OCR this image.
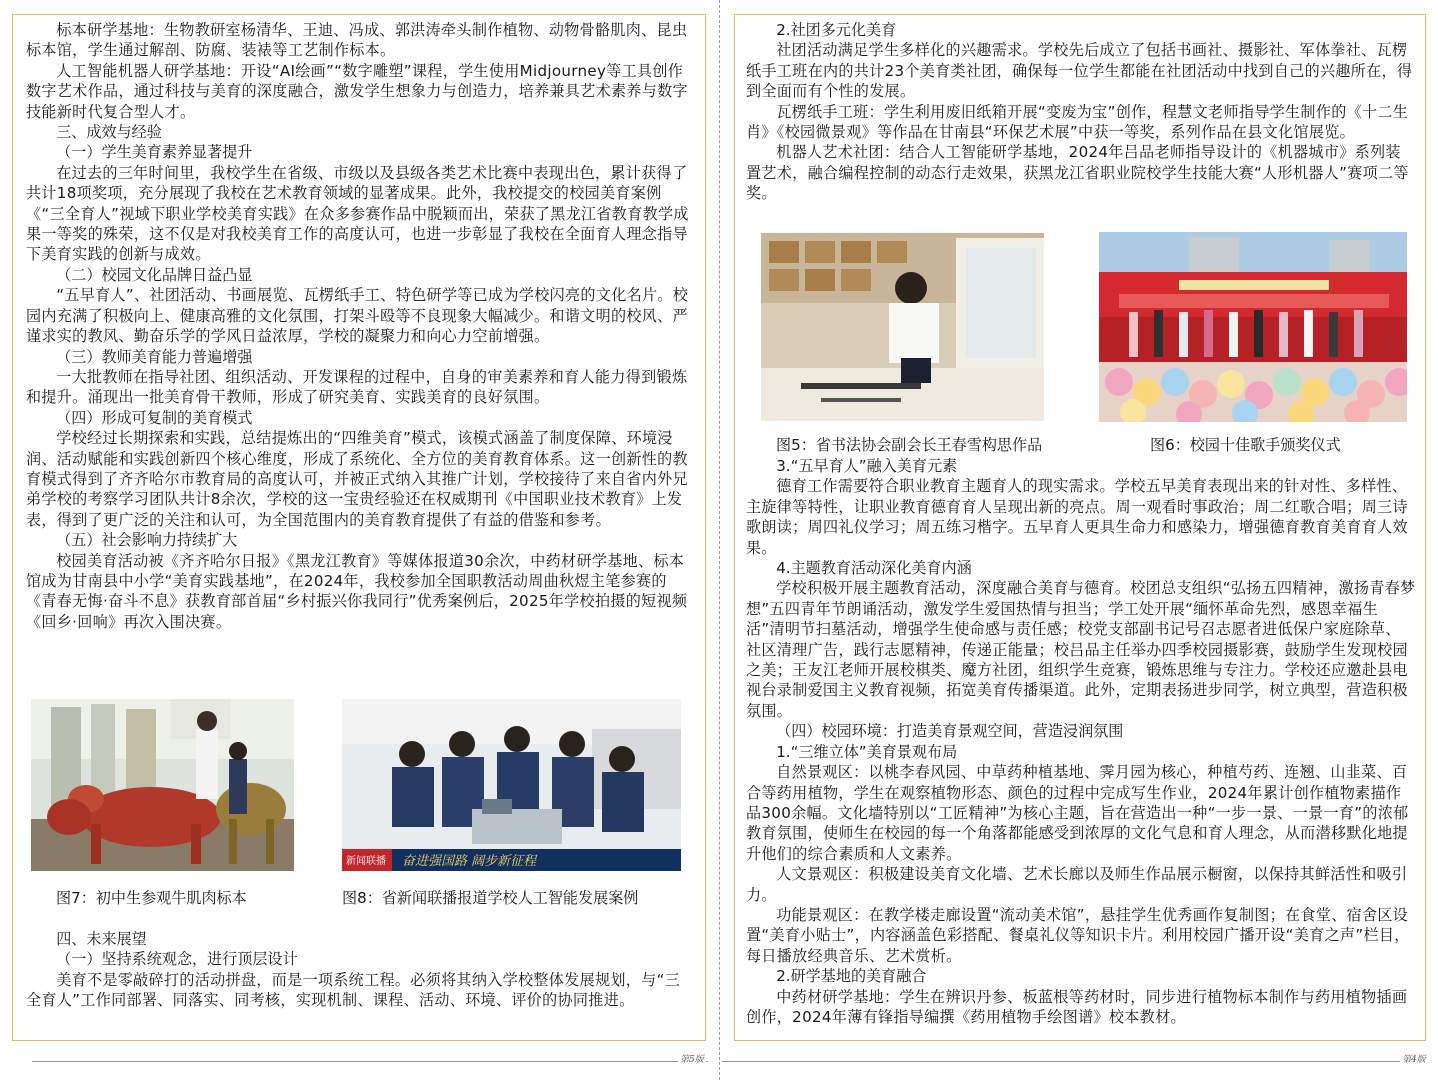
第5版	第4版

标本研学基地：生物教研室杨清华、王迪、冯成、郭洪涛牵头制作植物、动物骨骼肌肉、昆虫标本馆，学生通过解剖、防腐、装裱等工艺制作标本。

人工智能机器人研学基地：开设“AI绘画”“数字雕塑”课程，学生使用Midjourney等工具创作数字艺术作品，通过科技与美育的深度融合，激发学生想象力与创造力，培养兼具艺术素养与数字技能新时代复合型人才。

三、成效与经验

（一）学生美育素养显著提升

在过去的三年时间里，我校学生在省级、市级以及县级各类艺术比赛中表现出色，累计获得了共计18项奖项，充分展现了我校在艺术教育领域的显著成果。此外，我校提交的校园美育案例《“三全育人”视域下职业学校美育实践》在众多参赛作品中脱颖而出，荣获了黑龙江省教育教学成果一等奖的殊荣，这不仅是对我校美育工作的高度认可，也进一步彰显了我校在全面育人理念指导下美育实践的创新与成效。

（二）校园文化品牌日益凸显

“五早育人”、社团活动、书画展览、瓦楞纸手工、特色研学等已成为学校闪亮的文化名片。校园内充满了积极向上、健康高雅的文化氛围，打架斗殴等不良现象大幅减少。和谐文明的校风、严谨求实的教风、勤奋乐学的学风日益浓厚，学校的凝聚力和向心力空前增强。

（三）教师美育能力普遍增强

一大批教师在指导社团、组织活动、开发课程的过程中，自身的审美素养和育人能力得到锻炼和提升。涌现出一批美育骨干教师，形成了研究美育、实践美育的良好氛围。

（四）形成可复制的美育模式

学校经过长期探索和实践，总结提炼出的“四维美育”模式，该模式涵盖了制度保障、环境浸润、活动赋能和实践创新四个核心维度，形成了系统化、全方位的美育教育体系。这一创新性的教育模式得到了齐齐哈尔市教育局的高度认可，并被正式纳入其推广计划，学校接待了来自省内外兄弟学校的考察学习团队共计8余次，学校的这一宝贵经验还在权威期刊《中国职业技术教育》上发表，得到了更广泛的关注和认可，为全国范围内的美育教育提供了有益的借鉴和参考。

（五）社会影响力持续扩大

校园美育活动被《齐齐哈尔日报》《黑龙江教育》等媒体报道30余次，中药材研学基地、标本馆成为甘南县中小学“美育实践基地”，在2024年，我校参加全国职教活动周曲秋煜主笔参赛的《青春无悔·奋斗不息》获教育部首届“乡村振兴你我同行”优秀案例后，2025年学校拍摄的短视频《回乡·回响》再次入围决赛。

图7：初中生参观牛肌肉标本
新闻联播 奋进强国路 阔步新征程
图8：省新闻联播报道学校人工智能发展案例

四、未来展望

（一）坚持系统观念，进行顶层设计

美育不是零敲碎打的活动拼盘，而是一项系统工程。必须将其纳入学校整体发展规划，与“三全育人”工作同部署、同落实、同考核，实现机制、课程、活动、环境、评价的协同推进。

2.社团多元化美育

社团活动满足学生多样化的兴趣需求。学校先后成立了包括书画社、摄影社、军体拳社、瓦楞纸手工班在内的共计23个美育类社团，确保每一位学生都能在社团活动中找到自己的兴趣所在，得到全面而有个性的发展。

瓦楞纸手工班：学生利用废旧纸箱开展“变废为宝”创作，程慧文老师指导学生制作的《十二生肖》《校园微景观》等作品在甘南县“环保艺术展”中获一等奖，系列作品在县文化馆展览。

机器人艺术社团：结合人工智能研学基地，2024年吕品老师指导设计的《机器城市》系列装置艺术，融合编程控制的动态行走效果，获黑龙江省职业院校学生技能大赛“人形机器人”赛项二等奖。

图5：省书法协会副会长王春雪构思作品	图6：校园十佳歌手颁奖仪式

3.“五早育人”融入美育元素

德育工作需要符合职业教育主题育人的现实需求。学校五早美育表现出来的针对性、多样性、主旋律等特性，让职业教育德育育人呈现出新的亮点。周一观看时事政治；周二红歌合唱；周三诗歌朗读；周四礼仪学习；周五练习楷字。五早育人更具生命力和感染力，增强德育教育美育育人效果。

4.主题教育活动深化美育内涵

学校积极开展主题教育活动，深度融合美育与德育。校团总支组织“弘扬五四精神，激扬青春梦想”五四青年节朗诵活动，激发学生爱国热情与担当；学工处开展“缅怀革命先烈，感恩幸福生活”清明节扫墓活动，增强学生使命感与责任感；校党支部副书记号召志愿者进低保户家庭除草、社区清理广告，践行志愿精神，传递正能量；校吕品主任举办四季校园摄影赛，鼓励学生发现校园之美；王友江老师开展校棋类、魔方社团，组织学生竞赛，锻炼思维与专注力。学校还应邀赴县电视台录制爱国主义教育视频，拓宽美育传播渠道。此外，定期表扬进步同学，树立典型，营造积极氛围。

（四）校园环境：打造美育景观空间，营造浸润氛围

1.“三维立体”美育景观布局

自然景观区：以桃李春风园、中草药种植基地、霁月园为核心，种植芍药、连翘、山韭菜、百合等药用植物，学生在观察植物形态、颜色的过程中完成写生作业，2024年累计创作植物素描作品300余幅。文化墙特别以“工匠精神”为核心主题，旨在营造出一种“一步一景、一景一育”的浓郁教育氛围，使师生在校园的每一个角落都能感受到浓厚的文化气息和育人理念，从而潜移默化地提升他们的综合素质和人文素养。

人文景观区：积极建设美育文化墙、艺术长廊以及师生作品展示橱窗，以保持其鲜活性和吸引力。

功能景观区：在教学楼走廊设置“流动美术馆”，悬挂学生优秀画作复制图；在食堂、宿舍区设置“美育小贴士”，内容涵盖色彩搭配、餐桌礼仪等知识卡片。利用校园广播开设“美育之声”栏目，每日播放经典音乐、艺术赏析。

2.研学基地的美育融合

中药材研学基地：学生在辨识丹参、板蓝根等药材时，同步进行植物标本制作与药用植物插画创作，2024年薄有锋指导编撰《药用植物手绘图谱》校本教材。
